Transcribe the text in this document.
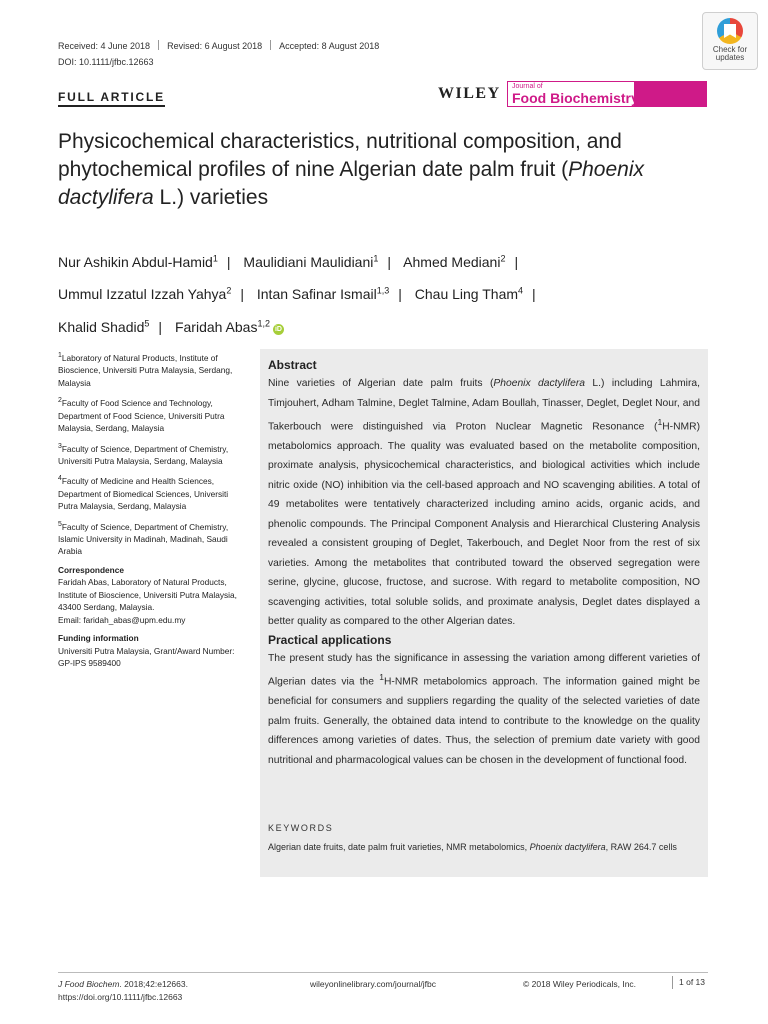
Received: 4 June 2018 Revised: 6 August 2018 Accepted: 8 August 2018
DOI: 10.1111/jfbc.12663
Check for
updates
FULL ARTICLE	WILEY Journal of
Food Biochemistry
Physicochemical characteristics, nutritional composition, and phytochemical profiles of nine Algerian date palm fruit (Phoenix dactylifera L.) varieties
Nur Ashikin Abdul-Hamid$^1$ | Maulidiani Maulidiani$^1$ | Ahmed Mediani$^2$ |
Ummul Izzatul Izzah Yahya$^2$ | Intan Safinar Ismail$^{1,3}$ | Chau Ling Tham$^4$ |
Khalid Shadid$^5$ | Faridah Abas$^{1,2}$iD

$^1$Laboratory of Natural Products, Institute of Bioscience, Universiti Putra Malaysia, Serdang, Malaysia

$^2$Faculty of Food Science and Technology, Department of Food Science, Universiti Putra Malaysia, Serdang, Malaysia

$^3$Faculty of Science, Department of Chemistry, Universiti Putra Malaysia, Serdang, Malaysia

$^4$Faculty of Medicine and Health Sciences, Department of Biomedical Sciences, Universiti Putra Malaysia, Serdang, Malaysia

$^5$Faculty of Science, Department of Chemistry, Islamic University in Madinah, Madinah, Saudi Arabia

Correspondence

Faridah Abas, Laboratory of Natural Products, Institute of Bioscience, Universiti Putra Malaysia, 43400 Serdang, Malaysia.

Email: faridah_abas@upm.edu.my

Funding information

Universiti Putra Malaysia, Grant/Award Number: GP-IPS 9589400

Abstract

Nine varieties of Algerian date palm fruits (Phoenix dactylifera L.) including Lahmira, Timjouhert, Adham Talmine, Deglet Talmine, Adam Boullah, Tinasser, Deglet, Deglet Nour, and Takerbouch were distinguished via Proton Nuclear Magnetic Resonance ($^1$H-NMR) metabolomics approach. The quality was evaluated based on the metabolite composition, proximate analysis, physicochemical characteristics, and biological activities which include nitric oxide (NO) inhibition via the cell-based approach and NO scavenging abilities. A total of 49 metabolites were tentatively characterized including amino acids, organic acids, and phenolic compounds. The Principal Component Analysis and Hierarchical Clustering Analysis revealed a consistent grouping of Deglet, Takerbouch, and Deglet Noor from the rest of six varieties. Among the metabolites that contributed toward the observed segregation were serine, glycine, glucose, fructose, and sucrose. With regard to metabolite composition, NO scavenging activities, total soluble solids, and proximate analysis, Deglet dates displayed a better quality as compared to the other Algerian dates.

Practical applications

The present study has the significance in assessing the variation among different varieties of Algerian dates via the $^1$H-NMR metabolomics approach. The information gained might be beneficial for consumers and suppliers regarding the quality of the selected varieties of date palm fruits. Generally, the obtained data intend to contribute to the knowledge on the quality differences among varieties of dates. Thus, the selection of premium date variety with good nutritional and pharmacological values can be chosen in the development of functional food.

KEYWORDS
Algerian date fruits, date palm fruit varieties, NMR metabolomics, Phoenix dactylifera, RAW 264.7 cells
J Food Biochem. 2018;42:e12663.
https://doi.org/10.1111/jfbc.12663
wileyonlinelibrary.com/journal/jfbc	© 2018 Wiley Periodicals, Inc.	1 of 13
